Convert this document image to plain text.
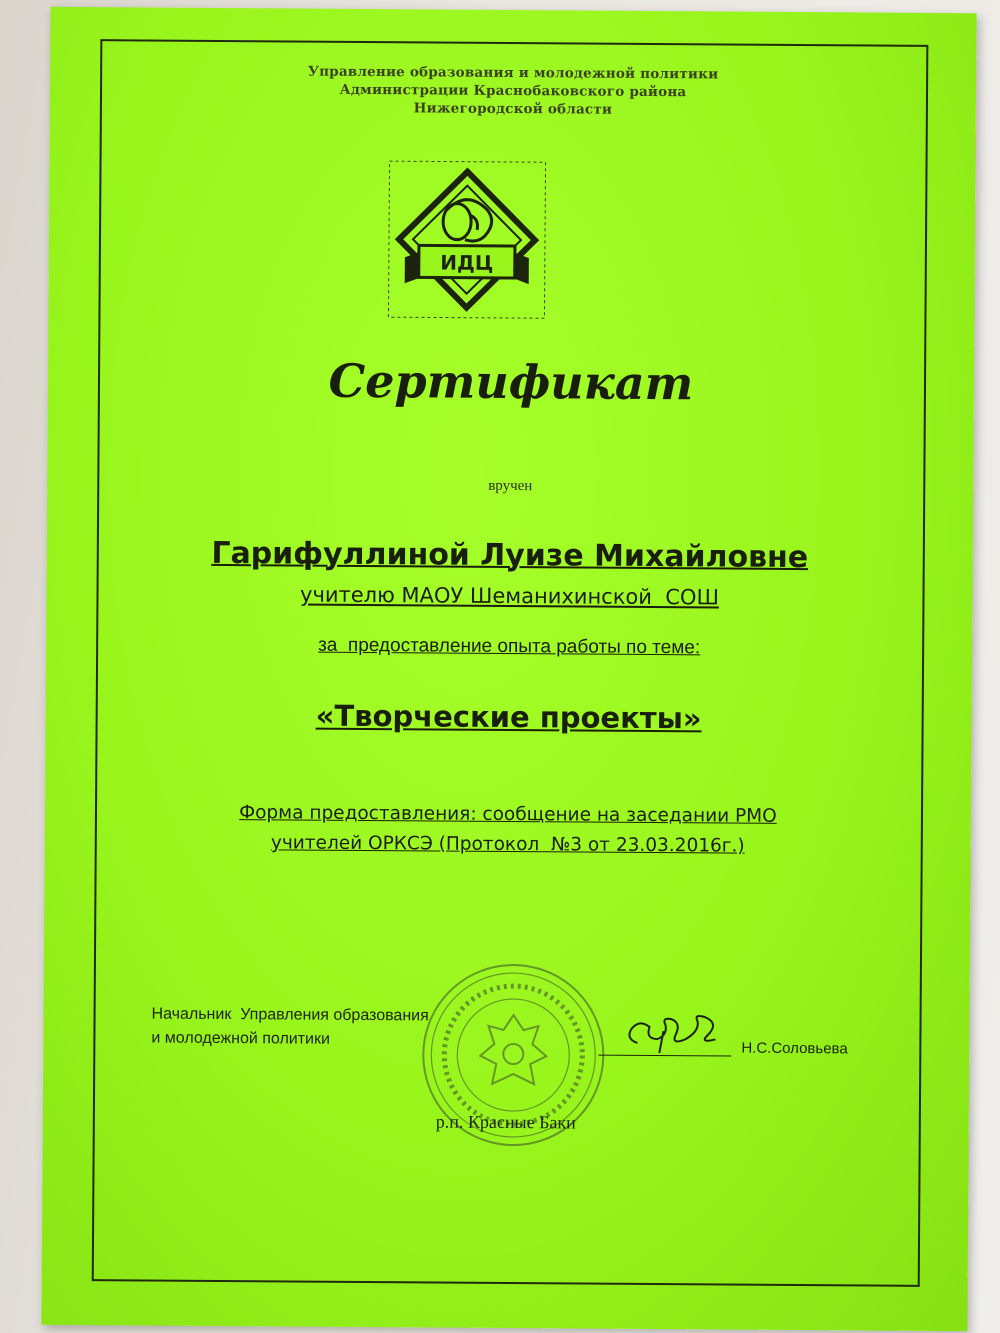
Управление образования и молодежной политики
Администрации Краснобаковского района
Нижегородской области
ИДЦ
Сертификат
вручен
Гарифуллиной Луизе Михайловне
учителю МАОУ Шеманихинской  СОШ
за  предоставление опыта работы по теме:
«Творческие проекты»
Форма предоставления: сообщение на заседании РМО
учителей ОРКСЭ (Протокол  №3 от 23.03.2016г.)
Начальник  Управления образования
и молодежной политики
Н.С.Соловьева
р.п. Красные Баки
